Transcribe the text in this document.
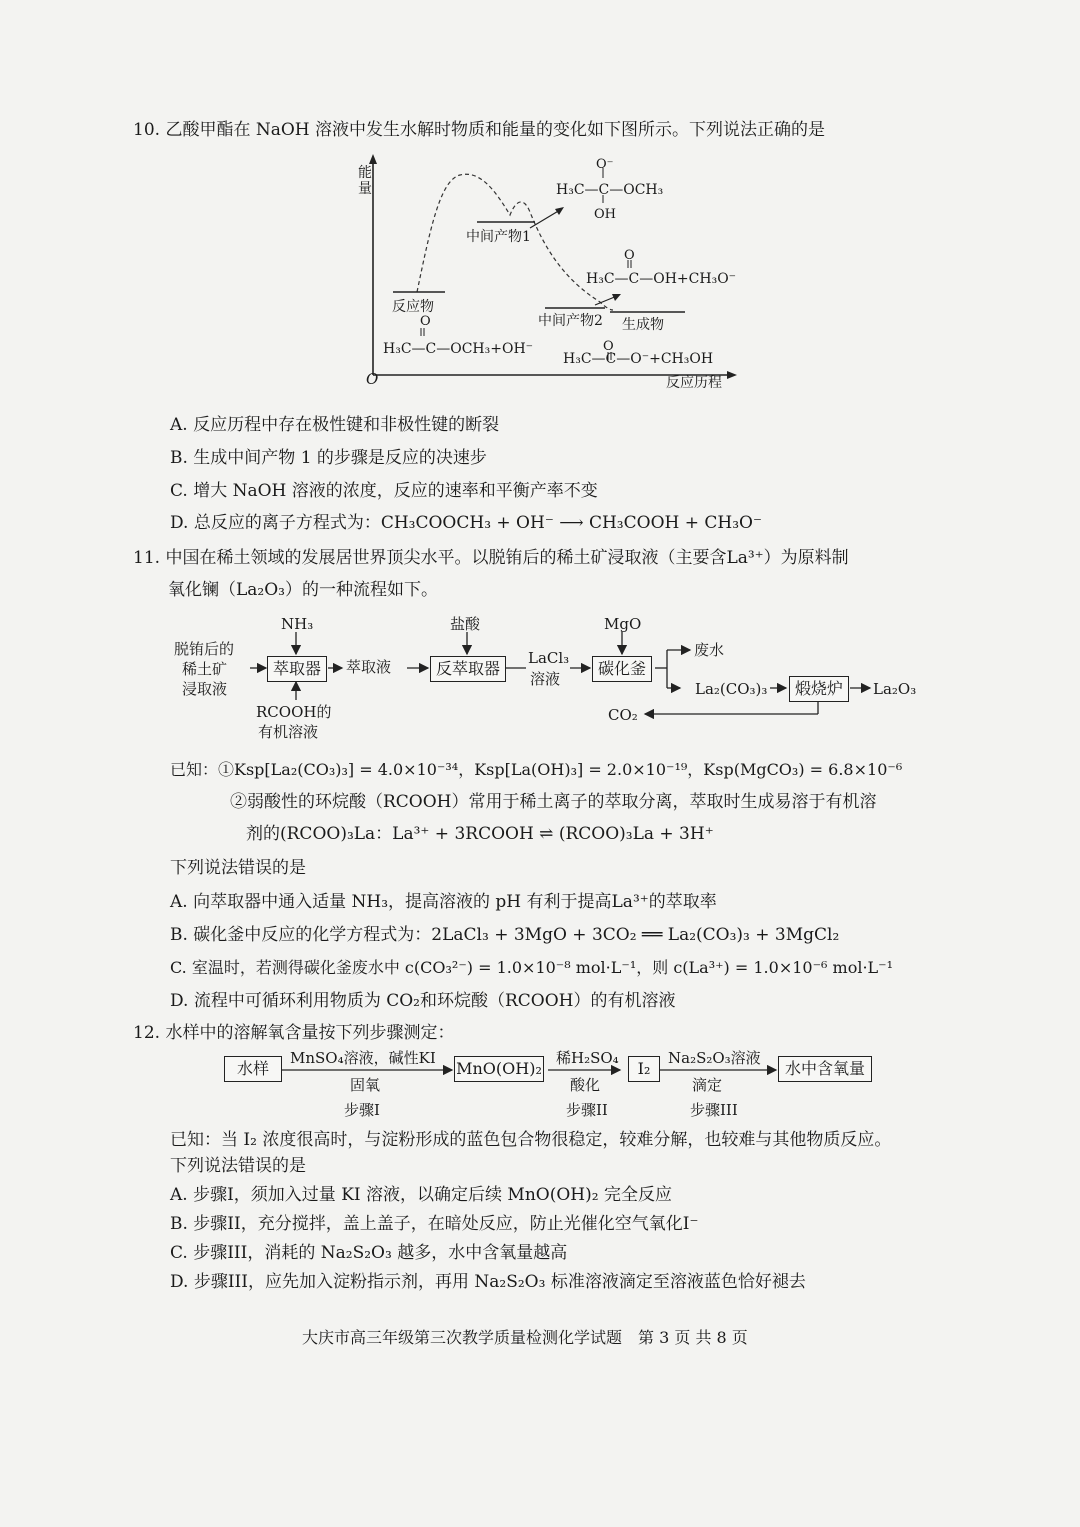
10. 乙酸甲酯在 NaOH 溶液中发生水解时物质和能量的变化如下图所示。下列说法正确的是
能量
O	反应历程
反应物
中间产物1
中间产物2 生成物
O
H₃C—C—OCH₃+OH⁻
O⁻
H₃C—C—OCH₃
OH
O
H₃C—C—OH+CH₃O⁻
O
H₃C—C—O⁻+CH₃OH
A. 反应历程中存在极性键和非极性键的断裂
B. 生成中间产物 1 的步骤是反应的决速步
C. 增大 NaOH 溶液的浓度，反应的速率和平衡产率不变
D. 总反应的离子方程式为：CH₃COOCH₃ + OH⁻ ⟶ CH₃COOH + CH₃O⁻
11. 中国在稀土领域的发展居世界顶尖水平。以脱铕后的稀土矿浸取液（主要含La³⁺）为原料制
氧化镧（La₂O₃）的一种流程如下。
脱铕后的
稀土矿
浸取液
NH₃
萃取器
RCOOH的
有机溶液
萃取液
盐酸
反萃取器
LaCl₃
溶液
MgO
碳化釜
CO₂
废水
La₂(CO₃)₃	煅烧炉	La₂O₃
已知：①Ksp[La₂(CO₃)₃] = 4.0×10⁻³⁴，Ksp[La(OH)₃] = 2.0×10⁻¹⁹，Ksp(MgCO₃) = 6.8×10⁻⁶
②弱酸性的环烷酸（RCOOH）常用于稀土离子的萃取分离，萃取时生成易溶于有机溶
剂的(RCOO)₃La：La³⁺ + 3RCOOH ⇌ (RCOO)₃La + 3H⁺
下列说法错误的是
A. 向萃取器中通入适量 NH₃，提高溶液的 pH 有利于提高La³⁺的萃取率
B. 碳化釜中反应的化学方程式为：2LaCl₃ + 3MgO + 3CO₂ ══ La₂(CO₃)₃ + 3MgCl₂
C. 室温时，若测得碳化釜废水中 c(CO₃²⁻) = 1.0×10⁻⁸ mol·L⁻¹，则 c(La³⁺) = 1.0×10⁻⁶ mol·L⁻¹
D. 流程中可循环利用物质为 CO₂和环烷酸（RCOOH）的有机溶液
12. 水样中的溶解氧含量按下列步骤测定：
水样
MnSO₄溶液，碱性KI
固氧
步骤I
MnO(OH)₂
稀H₂SO₄
酸化
步骤II
I₂
Na₂S₂O₃溶液
滴定
步骤III
水中含氧量
已知：当 I₂ 浓度很高时，与淀粉形成的蓝色包合物很稳定，较难分解，也较难与其他物质反应。
下列说法错误的是
A. 步骤I，须加入过量 KI 溶液，以确定后续 MnO(OH)₂ 完全反应
B. 步骤II，充分搅拌，盖上盖子，在暗处反应，防止光催化空气氧化I⁻
C. 步骤III，消耗的 Na₂S₂O₃ 越多，水中含氧量越高
D. 步骤III，应先加入淀粉指示剂，再用 Na₂S₂O₃ 标准溶液滴定至溶液蓝色恰好褪去
大庆市高三年级第三次教学质量检测化学试题　第 3 页 共 8 页
